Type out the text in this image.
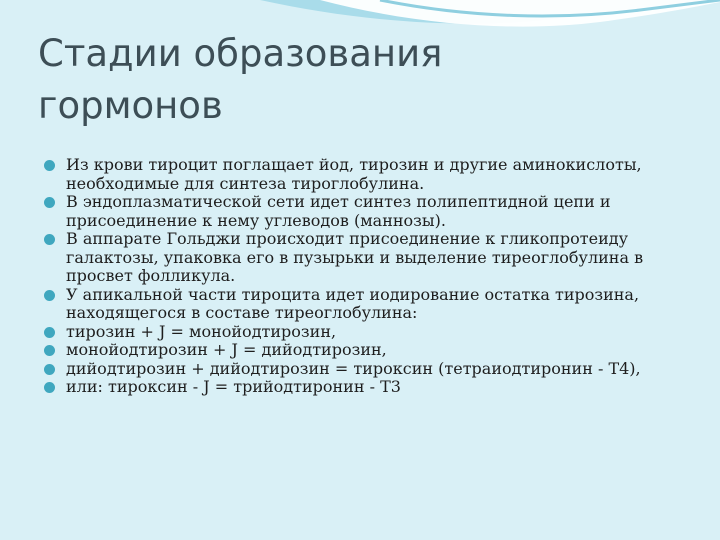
Стадии образования
гормонов
Из крови тироцит поглащает йод, тирозин и другие аминокислоты, необходимые для синтеза тироглобулина.
В эндоплазматической сети идет синтез полипептидной цепи и присоединение к нему углеводов (маннозы).
В аппарате Гольджи происходит присоединение к гликопротеиду галактозы, упаковка его в пузырьки и выделение тиреоглобулина в просвет фолликула.
У апикальной части тироцита идет иодирование остатка тирозина, находящегося в составе тиреоглобулина:
тирозин + J = монойодтирозин,
монойодтирозин + J = дийодтирозин,
дийодтирозин + дийодтирозин = тироксин (тетраиодтиронин - T4),
или: тироксин - J = трийодтиронин - T3
